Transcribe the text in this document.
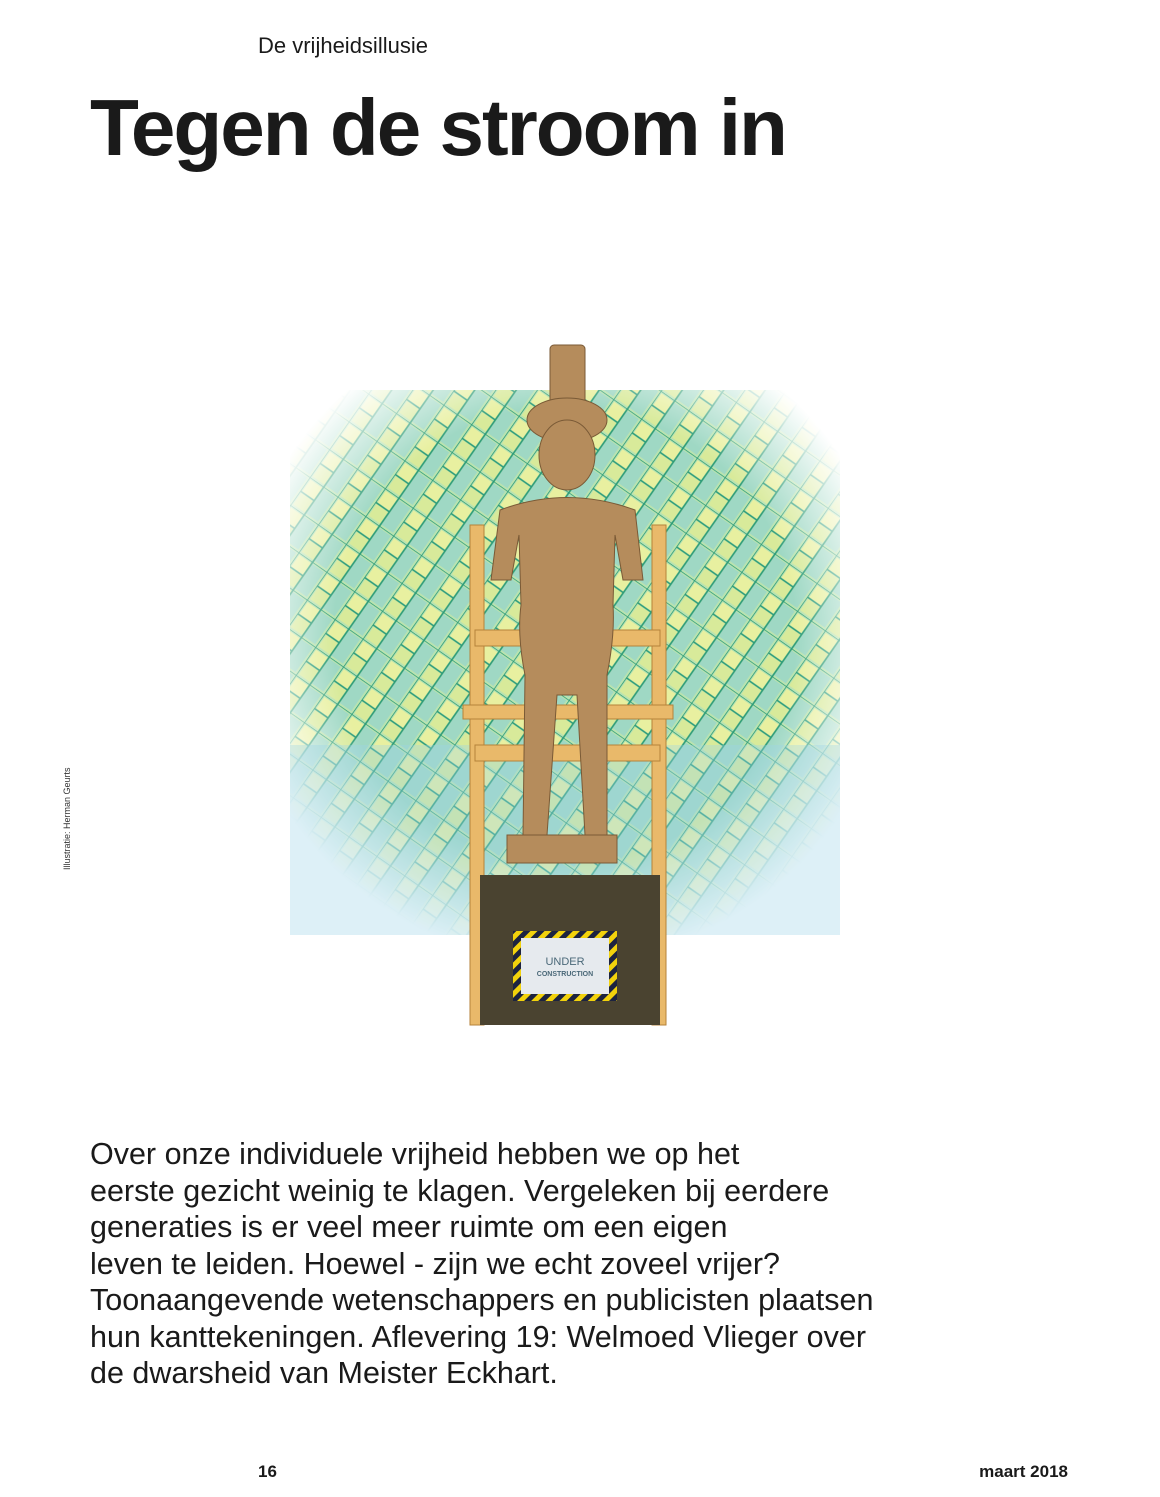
De vrijheidsillusie
Tegen de stroom in
Illustratie: Herman Geurts
UNDER
CONSTRUCTION

Over onze individuele vrijheid hebben we op het
eerste gezicht weinig te klagen. Vergeleken bij eerdere
generaties is er veel meer ruimte om een eigen
leven te leiden. Hoewel - zijn we echt zoveel vrijer?
Toonaangevende wetenschappers en publicisten plaatsen
hun kanttekeningen. Aflevering 19: Welmoed Vlieger over
de dwarsheid van Meister Eckhart.

16	maart 2018
